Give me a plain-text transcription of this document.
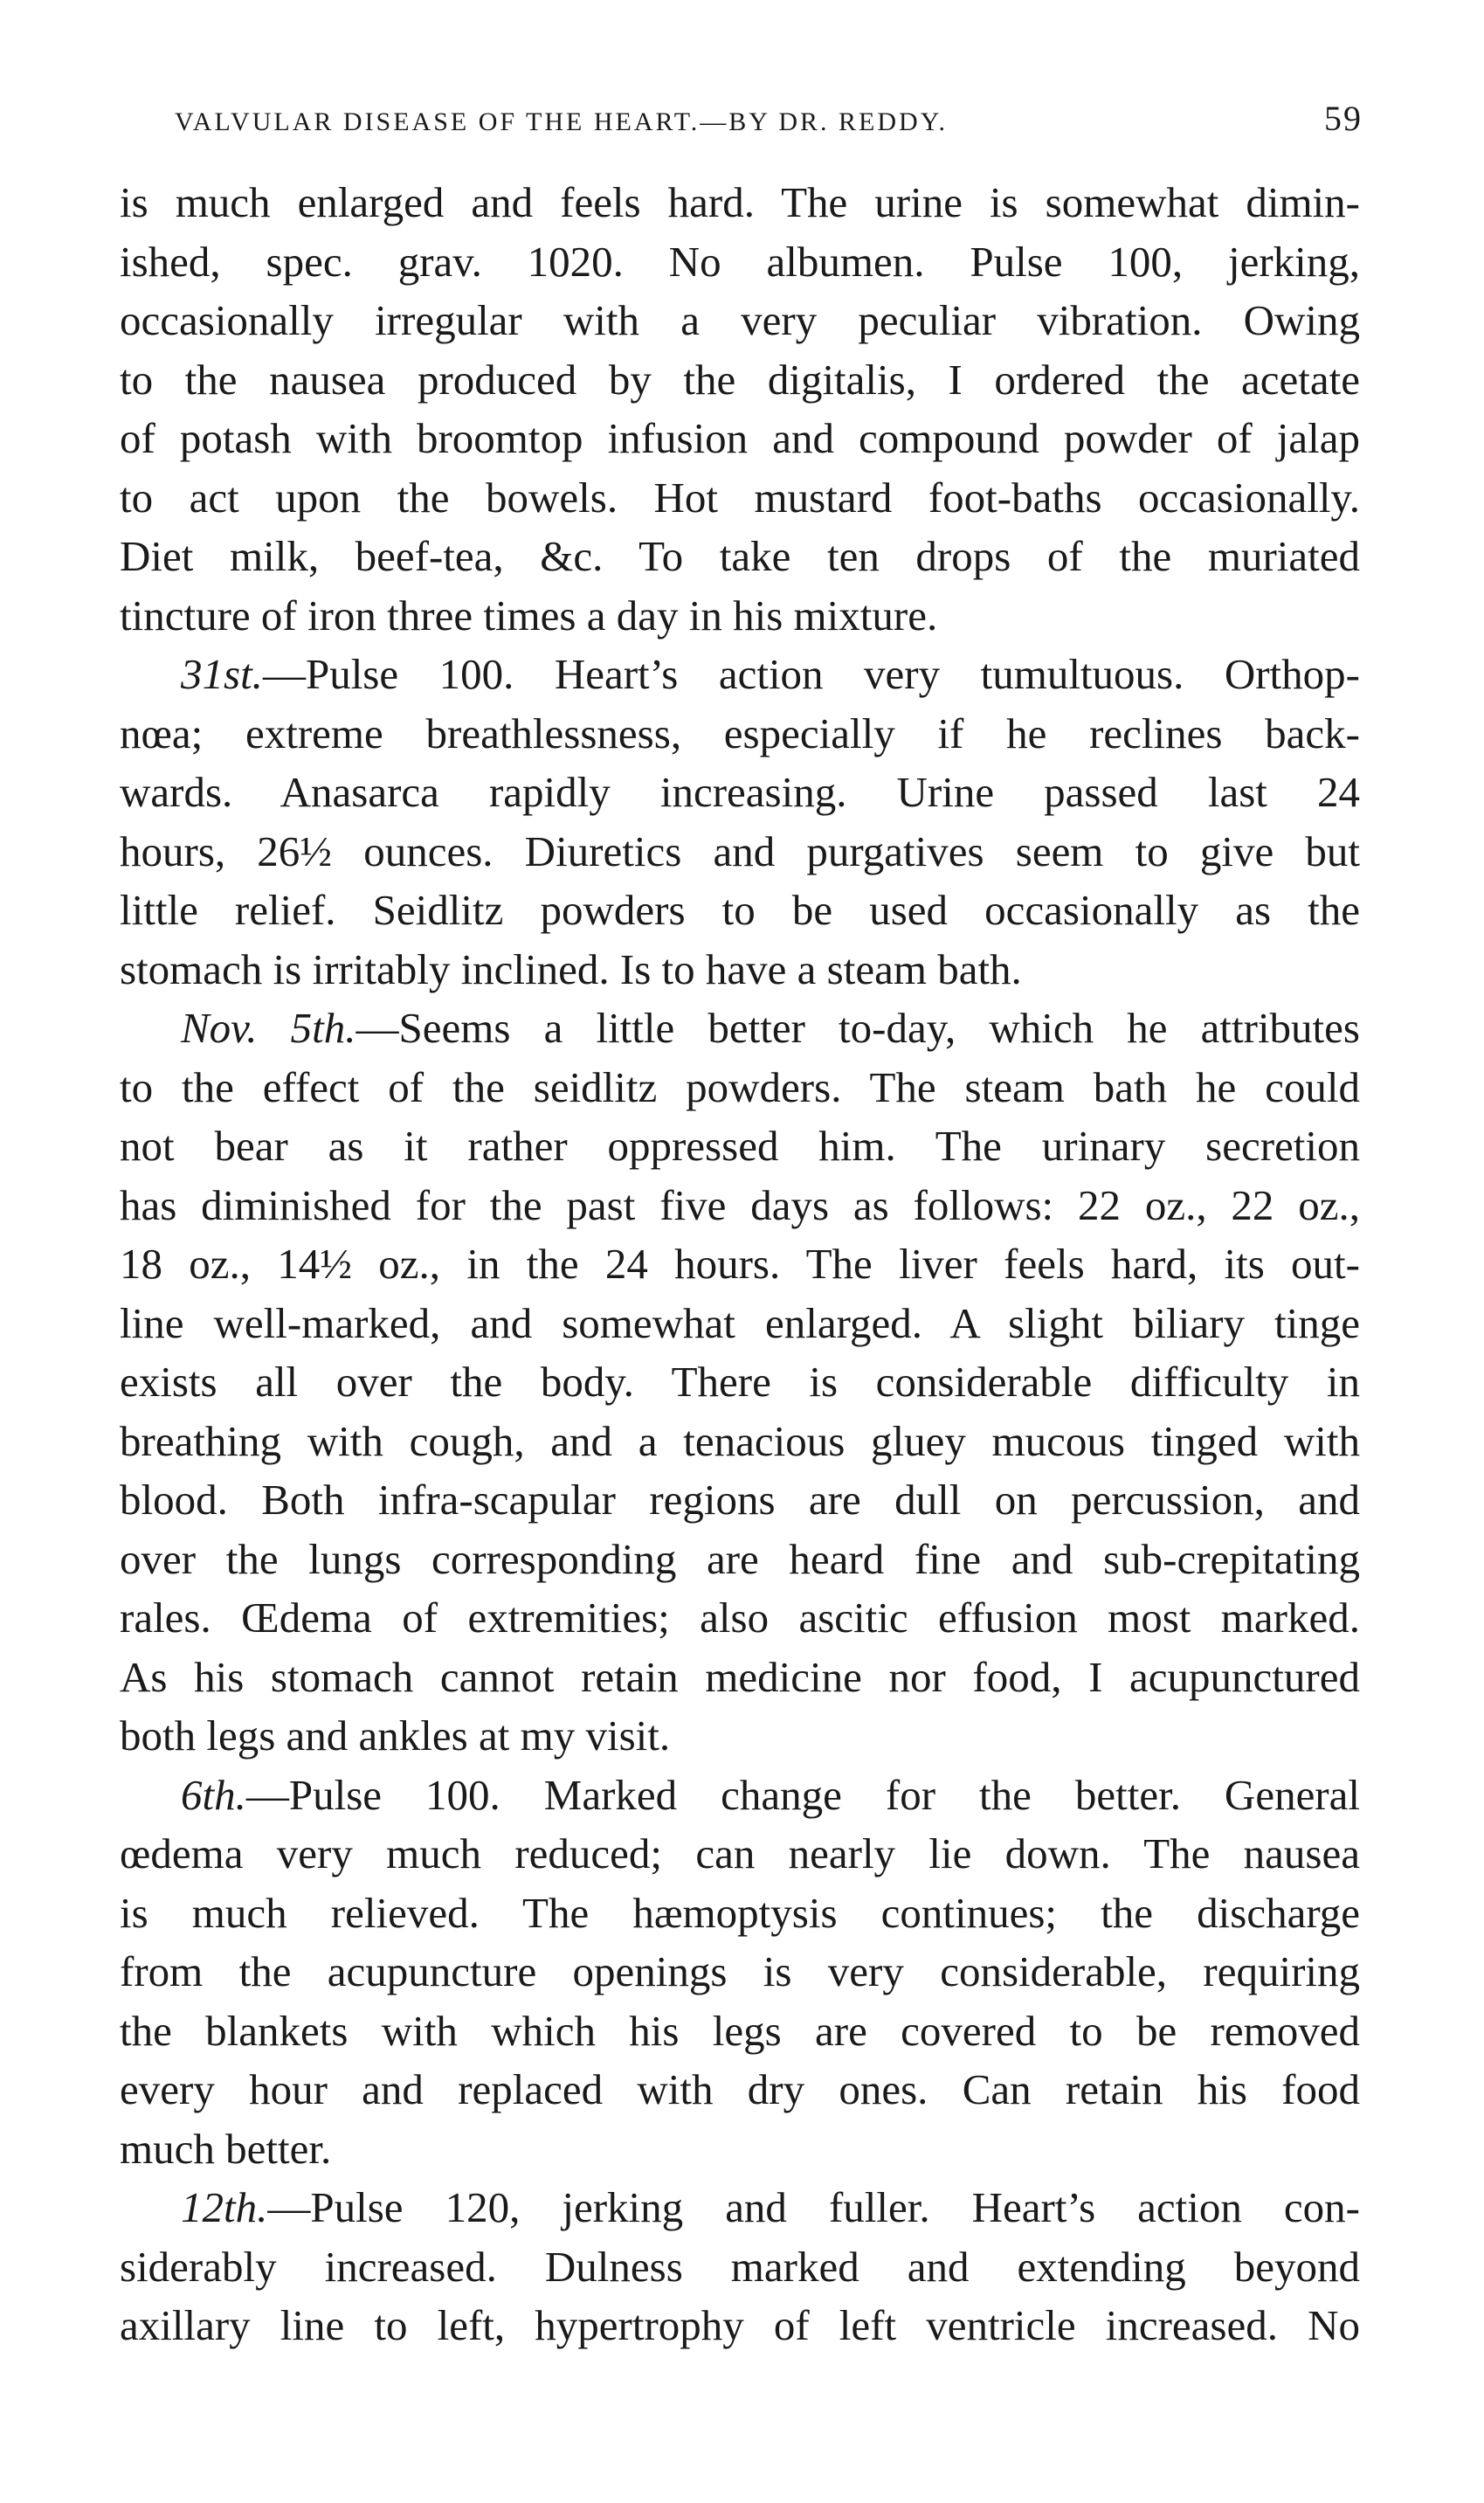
VALVULAR DISEASE OF THE HEART.—BY DR. REDDY.	59
is much enlarged and feels hard. The urine is somewhat dimin-
ished, spec. grav. 1020. No albumen. Pulse 100, jerking,
occasionally irregular with a very peculiar vibration. Owing
to the nausea produced by the digitalis, I ordered the acetate
of potash with broomtop infusion and compound powder of jalap
to act upon the bowels. Hot mustard foot-baths occasionally.
Diet milk, beef-tea, &c. To take ten drops of the muriated
tincture of iron three times a day in his mixture.
31st.—Pulse 100. Heart’s action very tumultuous. Orthop-
nœa; extreme breathlessness, especially if he reclines back-
wards. Anasarca rapidly increasing. Urine passed last 24
hours, 26½ ounces. Diuretics and purgatives seem to give but
little relief. Seidlitz powders to be used occasionally as the
stomach is irritably inclined. Is to have a steam bath.
Nov. 5th.—Seems a little better to-day, which he attributes
to the effect of the seidlitz powders. The steam bath he could
not bear as it rather oppressed him. The urinary secretion
has diminished for the past five days as follows: 22 oz., 22 oz.,
18 oz., 14½ oz., in the 24 hours. The liver feels hard, its out-
line well-marked, and somewhat enlarged. A slight biliary tinge
exists all over the body. There is considerable difficulty in
breathing with cough, and a tenacious gluey mucous tinged with
blood. Both infra-scapular regions are dull on percussion, and
over the lungs corresponding are heard fine and sub-crepitating
rales. Œdema of extremities; also ascitic effusion most marked.
As his stomach cannot retain medicine nor food, I acupunctured
both legs and ankles at my visit.
6th.—Pulse 100. Marked change for the better. General
œdema very much reduced; can nearly lie down. The nausea
is much relieved. The hæmoptysis continues; the discharge
from the acupuncture openings is very considerable, requiring
the blankets with which his legs are covered to be removed
every hour and replaced with dry ones. Can retain his food
much better.
12th.—Pulse 120, jerking and fuller. Heart’s action con-
siderably increased. Dulness marked and extending beyond
axillary line to left, hypertrophy of left ventricle increased. No
